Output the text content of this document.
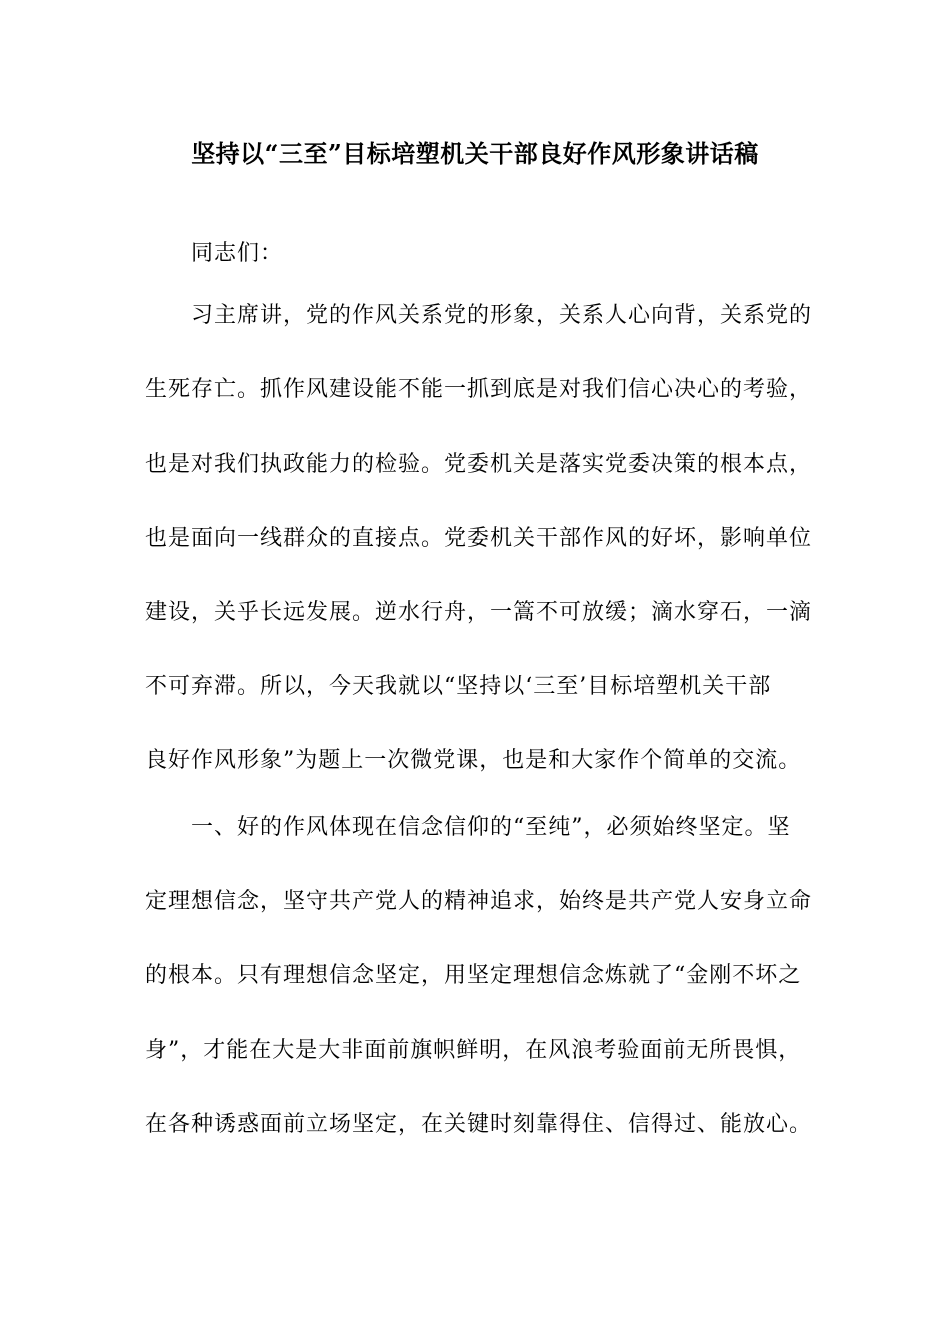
坚持以“三至”目标培塑机关干部良好作风形象讲话稿
同志们：
习主席讲，党的作风关系党的形象，关系人心向背，关系党的
生死存亡。抓作风建设能不能一抓到底是对我们信心决心的考验，
也是对我们执政能力的检验。党委机关是落实党委决策的根本点，
也是面向一线群众的直接点。党委机关干部作风的好坏，影响单位
建设，关乎长远发展。逆水行舟，一篙不可放缓；滴水穿石，一滴
不可弃滞。所以，今天我就以“坚持以‘三至’目标培塑机关干部
良好作风形象”为题上一次微党课，也是和大家作个简单的交流。
一、好的作风体现在信念信仰的“至纯”，必须始终坚定。坚
定理想信念，坚守共产党人的精神追求，始终是共产党人安身立命
的根本。只有理想信念坚定，用坚定理想信念炼就了“金刚不坏之
身”，才能在大是大非面前旗帜鲜明，在风浪考验面前无所畏惧，
在各种诱惑面前立场坚定，在关键时刻靠得住、信得过、能放心。
